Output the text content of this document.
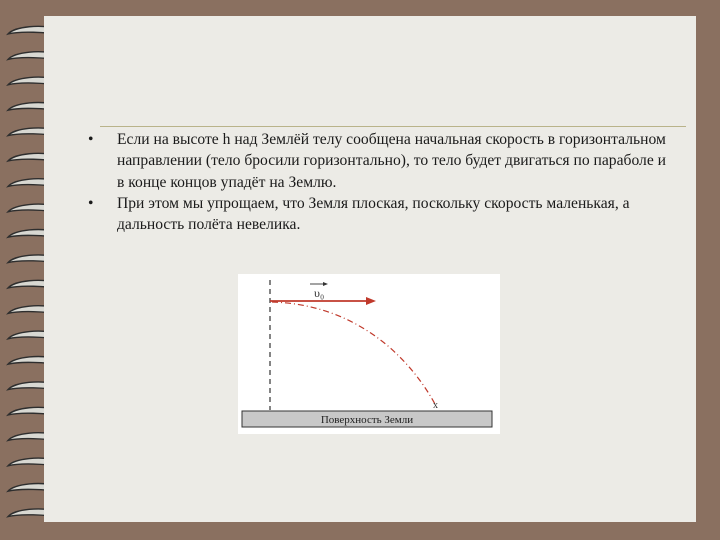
• Если на высоте h над Землёй телу сообщена начальная скорость в горизонтальном направлении (тело бросили горизонтально), то тело будет двигаться по параболе и в конце концов упадёт на Землю.
• При этом мы упрощаем, что Земля плоская, поскольку скорость маленькая, а дальность полёта невелика.
υ₀
x
Поверхность Земли
